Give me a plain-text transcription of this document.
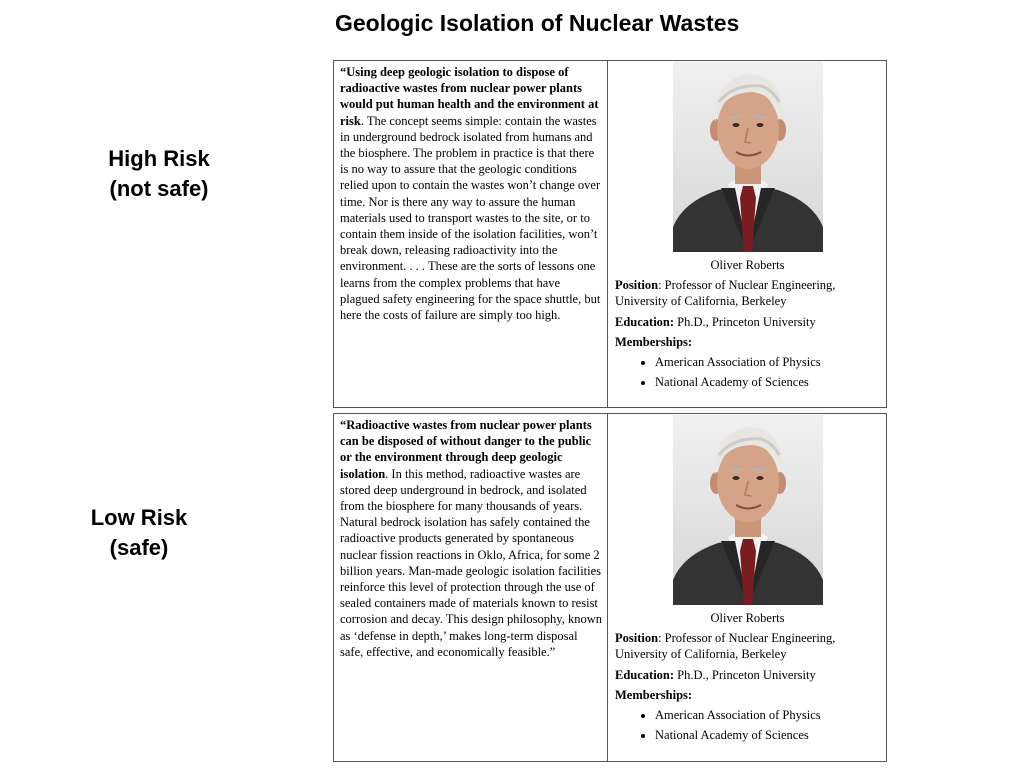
Geologic Isolation of Nuclear Wastes
High Risk
(not safe)
Low Risk
(safe)
“Using deep geologic isolation to dispose of radioactive wastes from nuclear power plants would put human health and the environment at risk. The concept seems simple: contain the wastes in underground bedrock isolated from humans and the biosphere. The problem in practice is that there is no way to assure that the geologic conditions relied upon to contain the wastes won’t change over time. Nor is there any way to assure the human materials used to transport wastes to the site, or to contain them inside of the isolation facilities, won’t break down, releasing radioactivity into the environment. . . . These are the sorts of lessons one learns from the complex problems that have plagued safety engineering for the space shuttle, but here the costs of failure are simply too high.
Oliver Roberts
Position: Professor of Nuclear Engineering, University of California, Berkeley
Education: Ph.D., Princeton University
Memberships:
• American Association of Physics
• National Academy of Sciences
“Radioactive wastes from nuclear power plants can be disposed of without danger to the public or the environment through deep geologic isolation. In this method, radioactive wastes are stored deep underground in bedrock, and isolated from the biosphere for many thousands of years. Natural bedrock isolation has safely contained the radioactive products generated by spontaneous nuclear fission reactions in Oklo, Africa, for some 2 billion years. Man-made geologic isolation facilities reinforce this level of protection through the use of sealed containers made of materials known to resist corrosion and decay. This design philosophy, known as ‘defense in depth,’ makes long-term disposal safe, effective, and economically feasible.”
Oliver Roberts
Position: Professor of Nuclear Engineering, University of California, Berkeley
Education: Ph.D., Princeton University
Memberships:
• American Association of Physics
• National Academy of Sciences
